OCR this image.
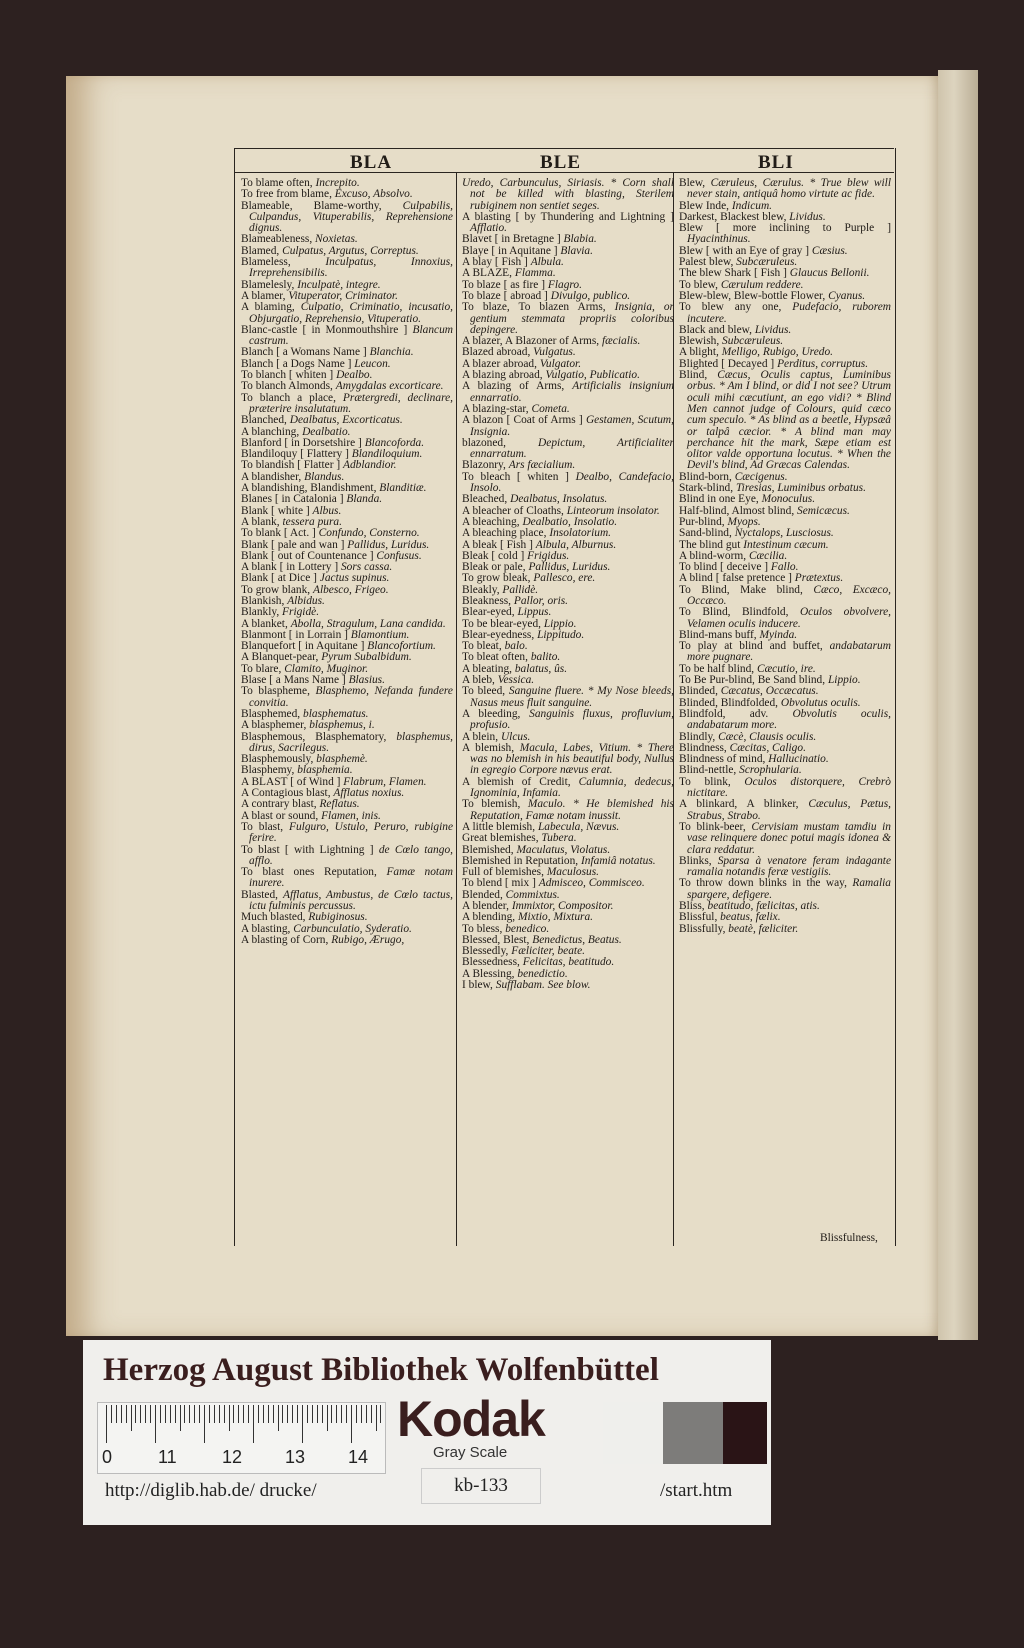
BLA	BLE	BLI
To blame often, Increpito.
To free from blame, Excuso, Absolvo.
Blameable, Blame-worthy, Culpabilis, Culpandus, Vituperabilis, Reprehensione dignus.
Blameableness, Noxietas.
Blamed, Culpatus, Argutus, Correptus.
Blameless,	Inculpatus, Innoxius, Irreprehensibilis.
Blamelesly, Inculpatè, integre.
A blamer, Vituperator, Criminator.
A blaming, Culpatio, Criminatio, incusatio, Objurgatio, Reprehensio, Vituperatio.
Blanc-castle [ in Monmouthshire ] Blancum castrum.
Blanch [ a Womans Name ] Blanchia.
Blanch [ a Dogs Name ] Leucon.
To blanch [ whiten ] Dealbo.
To blanch Almonds, Amygdalas excorticare.
To blanch a place, Prætergredi, declinare, præterire insalutatum.
Blanched, Dealbatus, Excorticatus.
A blanching, Dealbatio.
Blanford [ in Dorsetshire ] Blancoforda.
Blandiloquy [ Flattery ] Blandiloquium.
To blandish [ Flatter ] Adblandior.
A blandisher, Blandus.
A blandishing, Blandishment, Blanditiæ.
Blanes [ in Catalonia ] Blanda.
Blank [ white ] Albus.
A blank, tessera pura.
To blank [ Act. ] Confundo, Consterno.
Blank [ pale and wan ] Pallidus, Luridus.
Blank [ out of Countenance ] Confusus.
A blank [ in Lottery ] Sors cassa.
Blank [ at Dice ] Jactus supinus.
To grow blank, Albesco, Frigeo.
Blankish, Albidus.
Blankly, Frigidè.
A blanket, Abolla, Stragulum, Lana candida.
Blanmont [ in Lorrain ] Blamontium.
Blanquefort [ in Aquitane ] Blancofortium.
A Blanquet-pear, Pyrum Subalbidum.
To blare, Clamito, Muginor.
Blase [ a Mans Name ] Blasius.
To blaspheme, Blasphemo, Nefanda fundere convitia.
Blasphemed, blasphematus.
A blasphemer, blasphemus, i.
Blasphemous, Blasphematory, blasphemus, dirus, Sacrilegus.
Blasphemously, blasphemè.
Blasphemy, blasphemia.
A BLAST [ of Wind ] Flabrum, Flamen.
A Contagious blast, Afflatus noxius.
A contrary blast, Reflatus.
A blast or sound, Flamen, inis.
To blast, Fulguro, Ustulo, Peruro, rubigine ferire.
To blast [ with Lightning ] de Cœlo tango, afflo.
To blast ones Reputation, Famæ notam inurere.
Blasted, Afflatus, Ambustus, de Cœlo tactus, ictu fulminis percussus.
Much blasted, Rubiginosus.
A blasting, Carbunculatio, Syderatio.
A blasting of Corn, Rubigo, Ærugo,
Uredo, Carbunculus, Siriasis. * Corn shall not be killed with blasting, Sterilem rubiginem non sentiet seges.
A blasting [ by Thundering and Lightning ] Afflatio.
Blavet [ in Bretagne ] Blabia.
Blaye [ in Aquitane ] Blavia.
A blay [ Fish ] Albula.
A BLAZE, Flamma.
To blaze [ as fire ] Flagro.
To blaze [ abroad ] Divulgo, publico.
To blaze, To blazen Arms, Insignia, or gentium stemmata propriis coloribus depingere.
A blazer, A Blazoner of Arms, fæcialis.
Blazed abroad, Vulgatus.
A blazer abroad, Vulgator.
A blazing abroad, Vulgatio, Publicatio.
A blazing of Arms, Artificialis insignium ennarratio.
A blazing-star, Cometa.
A blazon [ Coat of Arms ] Gestamen, Scutum, Insignia.
blazoned,	Depictum, Artificialiter ennarratum.
Blazonry, Ars fæcialium.
To bleach [ whiten ] Dealbo, Candefacio, Insolo.
Bleached, Dealbatus, Insolatus.
A bleacher of Cloaths, Linteorum insolator.
A bleaching, Dealbatio, Insolatio.
A bleaching place, Insolatorium.
A bleak [ Fish ] Albula, Alburnus.
Bleak [ cold ] Frigidus.
Bleak or pale, Pallidus, Luridus.
To grow bleak, Pallesco, ere.
Bleakly, Pallidè.
Bleakness, Pallor, oris.
Blear-eyed, Lippus.
To be blear-eyed, Lippio.
Blear-eyedness, Lippitudo.
To bleat, balo.
To bleat often, balito.
A bleating, balatus, ûs.
A bleb, Vessica.
To bleed, Sanguine fluere. * My Nose bleeds, Nasus meus fluit sanguine.
A bleeding, Sanguinis fluxus, profluvium, profusio.
A blein, Ulcus.
A blemish, Macula, Labes, Vitium. * There was no blemish in his beautiful body, Nullus in egregio Corpore nævus erat.
A blemish of Credit, Calumnia, dedecus, Ignominia, Infamia.
To blemish, Maculo. * He blemished his Reputation, Famæ notam inussit.
A little blemish, Labecula, Nævus.
Great blemishes, Tubera.
Blemished, Maculatus, Violatus.
Blemished in Reputation, Infamiâ notatus.
Full of blemishes, Maculosus.
To blend [ mix ] Admisceo, Commisceo.
Blended, Commixtus.
A blender, Immixtor, Compositor.
A blending, Mixtio, Mixtura.
To bless, benedico.
Blessed, Blest, Benedictus, Beatus.
Blessedly, Fæliciter, beate.
Blessedness, Felicitas, beatitudo.
A Blessing, benedictio.
I blew, Sufflabam. See blow.
Blew, Cæruleus, Cærulus. * True blew will never stain, antiquâ homo virtute ac fide.
Blew Inde, Indicum.
Darkest, Blackest blew, Lividus.
Blew [ more inclining to Purple ] Hyacinthinus.
Blew [ with an Eye of gray ] Cæsius.
Palest blew, Subcæruleus.
The blew Shark [ Fish ] Glaucus Bellonii.
To blew, Cærulum reddere.
Blew-blew, Blew-bottle Flower, Cyanus.
To blew any one, Pudefacio, ruborem incutere.
Black and blew, Lividus.
Blewish, Subcæruleus.
A blight, Melligo, Rubigo, Uredo.
Blighted [ Decayed ] Perditus, corruptus.
Blind, Cæcus, Oculis captus, Luminibus orbus. * Am I blind, or did I not see? Utrum oculi mihi cæcutiunt, an ego vidi? * Blind Men cannot judge of Colours, quid cæco cum speculo. * As blind as a beetle, Hypsæâ or talpâ cæcior. * A blind man may perchance hit the mark, Sæpe etiam est olitor valde opportuna locutus. * When the Devil's blind, Ad Græcas Calendas.
Blind-born, Cæcigenus.
Stark-blind, Tiresias, Luminibus orbatus.
Blind in one Eye, Monoculus.
Half-blind, Almost blind, Semicæcus.
Pur-blind, Myops.
Sand-blind, Nyctalops, Lusciosus.
The blind gut Intestinum cæcum.
A blind-worm, Cæcilia.
To blind [ deceive ] Fallo.
A blind [ false pretence ] Prætextus.
To Blind, Make blind, Cæco, Excæco, Occæco.
To Blind, Blindfold, Oculos obvolvere, Velamen oculis inducere.
Blind-mans buff, Myinda.
To play at blind and buffet, andabatarum more pugnare.
To be half blind, Cæcutio, ire.
To Be Pur-blind, Be Sand blind, Lippio.
Blinded, Cæcatus, Occæcatus.
Blinded, Blindfolded, Obvolutus oculis.
Blindfold, adv. Obvolutis oculis, andabatarum more.
Blindly, Cæcè, Clausis oculis.
Blindness, Cæcitas, Caligo.
Blindness of mind, Hallucinatio.
Blind-nettle, Scrophularia.
To blink, Oculos distorquere, Crebrò nictitare.
A blinkard, A blinker, Cæculus, Pætus, Strabus, Strabo.
To blink-beer, Cervisiam mustam tamdiu in vase relinquere donec potui magis idonea & clara reddatur.
Blinks, Sparsa à venatore feram indagante ramalia notandis feræ vestigiis.
To throw down blinks in the way, Ramalia spargere, defigere.
Bliss, beatitudo, fælicitas, atis.
Blissful, beatus, fælix.
Blissfully, beatè, fæliciter.
Blissfulness,
Herzog August Bibliothek Wolfenbüttel
0	11	12 13 14
Kodak
Gray Scale
kb-133
http://diglib.hab.de/ drucke/	/start.htm
